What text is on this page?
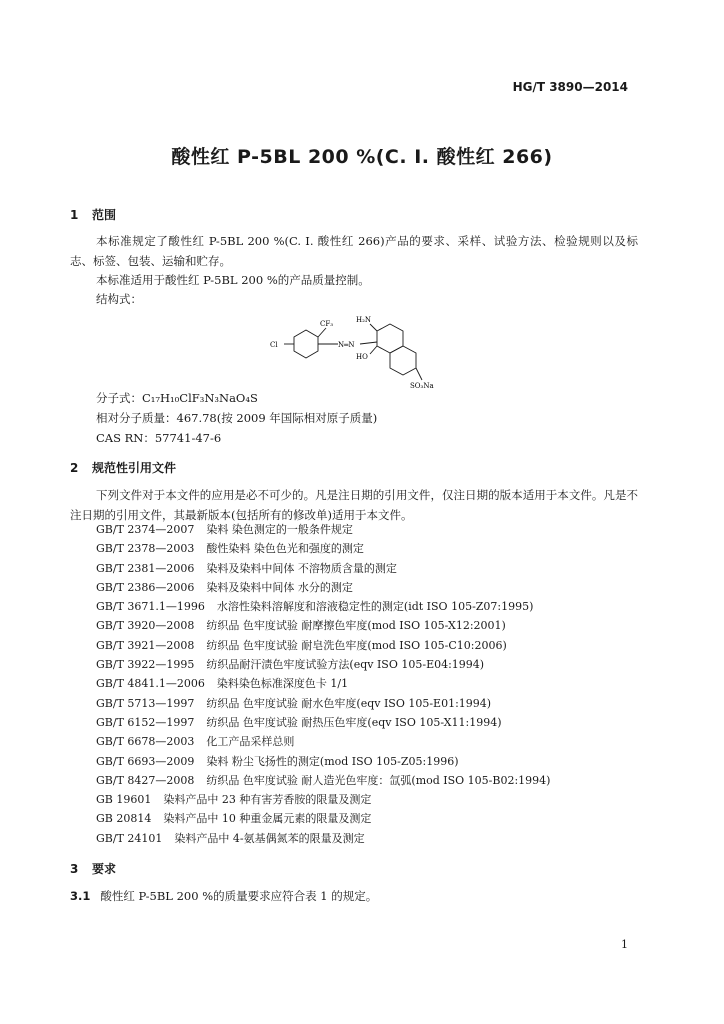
HG/T 3890—2014
酸性红 P-5BL 200 %(C. I. 酸性红 266)
1 范围
本标准规定了酸性红 P-5BL 200 %(C. I. 酸性红 266)产品的要求、采样、试验方法、检验规则以及标志、标签、包装、运输和贮存。
本标准适用于酸性红 P-5BL 200 %的产品质量控制。
结构式：
Cl
CF₃	H₂N
N═N
HO
SO₃Na
分子式：C₁₇H₁₀ClF₃N₃NaO₄S
相对分子质量：467.78(按 2009 年国际相对原子质量)
CAS RN：57741-47-6
2 规范性引用文件
下列文件对于本文件的应用是必不可少的。凡是注日期的引用文件，仅注日期的版本适用于本文件。凡是不注日期的引用文件，其最新版本(包括所有的修改单)适用于本文件。
GB/T 2374—2007 染料 染色测定的一般条件规定
GB/T 2378—2003 酸性染料 染色色光和强度的测定
GB/T 2381—2006 染料及染料中间体 不溶物质含量的测定
GB/T 2386—2006 染料及染料中间体 水分的测定
GB/T 3671.1—1996 水溶性染料溶解度和溶液稳定性的测定(idt ISO 105-Z07:1995)
GB/T 3920—2008 纺织品 色牢度试验 耐摩擦色牢度(mod ISO 105-X12:2001)
GB/T 3921—2008 纺织品 色牢度试验 耐皂洗色牢度(mod ISO 105-C10:2006)
GB/T 3922—1995 纺织品耐汗渍色牢度试验方法(eqv ISO 105-E04:1994)
GB/T 4841.1—2006 染料染色标准深度色卡 1/1
GB/T 5713—1997 纺织品 色牢度试验 耐水色牢度(eqv ISO 105-E01:1994)
GB/T 6152—1997 纺织品 色牢度试验 耐热压色牢度(eqv ISO 105-X11:1994)
GB/T 6678—2003 化工产品采样总则
GB/T 6693—2009 染料 粉尘飞扬性的测定(mod ISO 105-Z05:1996)
GB/T 8427—2008 纺织品 色牢度试验 耐人造光色牢度：氙弧(mod ISO 105-B02:1994)
GB 19601 染料产品中 23 种有害芳香胺的限量及测定
GB 20814 染料产品中 10 种重金属元素的限量及测定
GB/T 24101 染料产品中 4-氨基偶氮苯的限量及测定
3 要求
3.1 酸性红 P-5BL 200 %的质量要求应符合表 1 的规定。
1
